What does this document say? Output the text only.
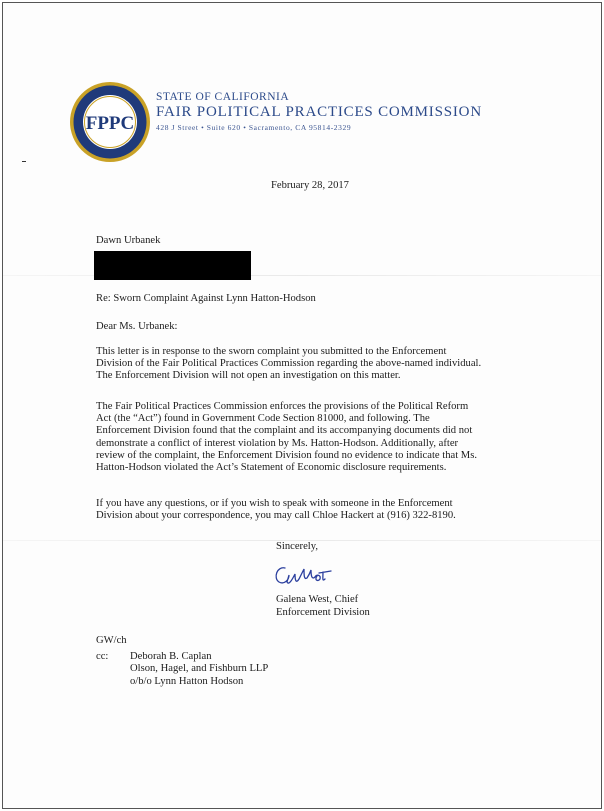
FPPC
STATE OF CALIFORNIA
FAIR POLITICAL PRACTICES COMMISSION
428 J Street • Suite 620 • Sacramento, CA 95814-2329
February 28, 2017
Dawn Urbanek
Re: Sworn Complaint Against Lynn Hatton-Hodson
Dear Ms. Urbanek:
This letter is in response to the sworn complaint you submitted to the Enforcement
Division of the Fair Political Practices Commission regarding the above-named individual.
The Enforcement Division will not open an investigation on this matter.
The Fair Political Practices Commission enforces the provisions of the Political Reform
Act (the “Act”) found in Government Code Section 81000, and following. The
Enforcement Division found that the complaint and its accompanying documents did not
demonstrate a conflict of interest violation by Ms. Hatton-Hodson. Additionally, after
review of the complaint, the Enforcement Division found no evidence to indicate that Ms.
Hatton-Hodson violated the Act’s Statement of Economic disclosure requirements.
If you have any questions, or if you wish to speak with someone in the Enforcement
Division about your correspondence, you may call Chloe Hackert at (916) 322-8190.
Sincerely,
Galena West, Chief
Enforcement Division
GW/ch
cc: Deborah B. Caplan
Olson, Hagel, and Fishburn LLP
o/b/o Lynn Hatton Hodson
